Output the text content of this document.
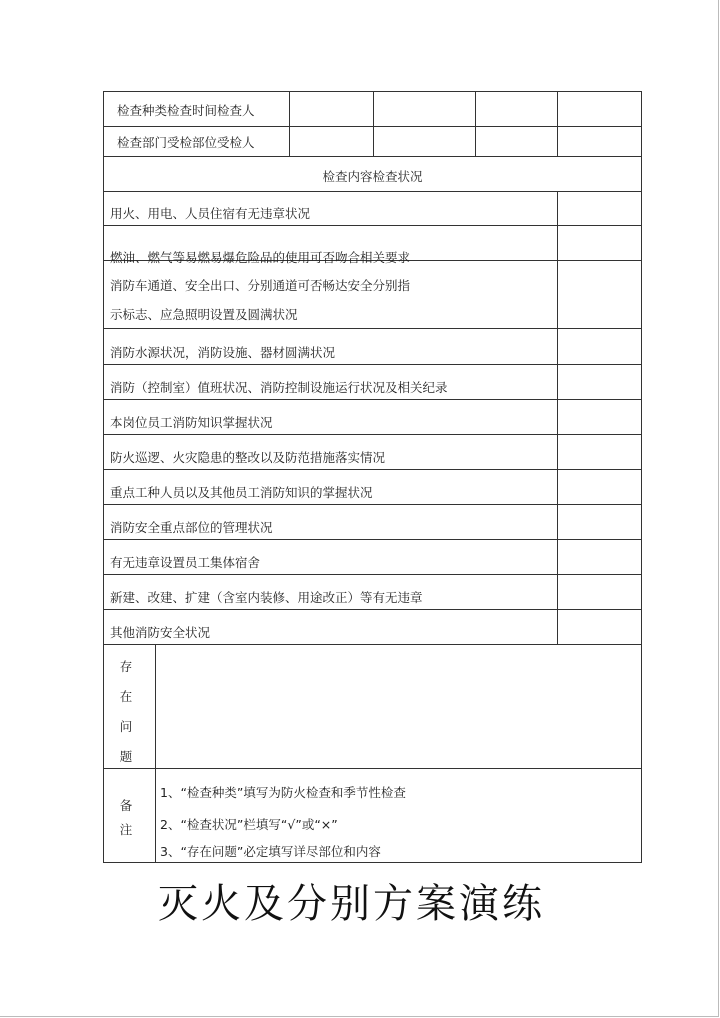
检查种类检查时间检查人
检查部门受检部位受检人
检查内容检查状况
用火、用电、人员住宿有无违章状况
燃油、燃气等易燃易爆危险品的使用可否吻合相关要求
消防车通道、安全出口、分别通道可否畅达安全分别指
示标志、应急照明设置及圆满状况
消防水源状况，消防设施、器材圆满状况
消防（控制室）值班状况、消防控制设施运行状况及相关纪录
本岗位员工消防知识掌握状况
防火巡逻、火灾隐患的整改以及防范措施落实情况
重点工种人员以及其他员工消防知识的掌握状况
消防安全重点部位的管理状况
有无违章设置员工集体宿舍
新建、改建、扩建（含室内装修、用途改正）等有无违章
其他消防安全状况
存
在
问
题
备
注
1、“检查种类”填写为防火检查和季节性检查
2、“检查状况”栏填写“√”或“×”
3、“存在问题”必定填写详尽部位和内容
灭火及分别方案演练
